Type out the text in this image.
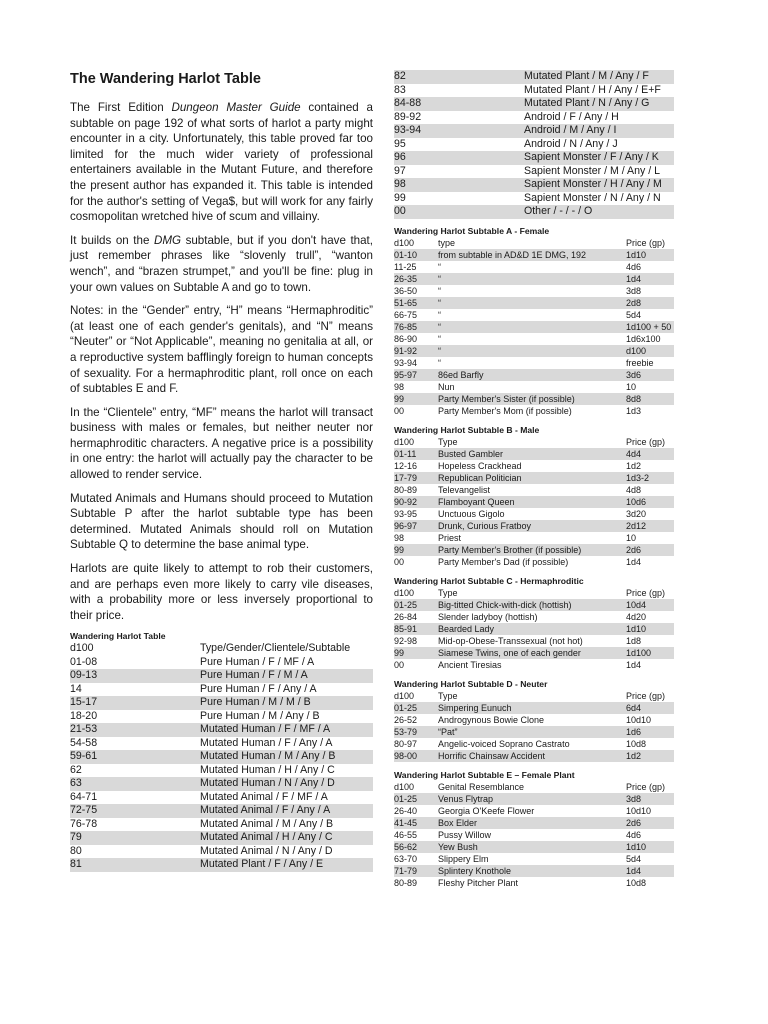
The Wandering Harlot Table

The First Edition Dungeon Master Guide contained a subtable on page 192 of what sorts of harlot a party might encounter in a city. Unfortunately, this table proved far too limited for the much wider variety of professional entertainers available in the Mutant Future, and therefore the present author has expanded it. This table is intended for the author's setting of Vega$, but will work for any fairly cosmopolitan wretched hive of scum and villainy.

It builds on the DMG subtable, but if you don't have that, just remember phrases like “slovenly trull”, “wanton wench”, and “brazen strumpet,” and you'll be fine: plug in your own values on Subtable A and go to town.

Notes: in the “Gender” entry, “H” means “Hermaphroditic” (at least one of each gender's genitals), and “N” means “Neuter” or “Not Applicable”, meaning no genitalia at all, or a reproductive system bafflingly foreign to human concepts of sexuality. For a hermaphroditic plant, roll once on each of subtables E and F.

In the “Clientele” entry, “MF” means the harlot will transact business with males or females, but neither neuter nor hermaphroditic characters. A negative price is a possibility in one entry: the harlot will actually pay the character to be allowed to render service.

Mutated Animals and Humans should proceed to Mutation Subtable P after the harlot subtable type has been determined. Mutated Animals should roll on Mutation Subtable Q to determine the base animal type.

Harlots are quite likely to attempt to rob their customers, and are perhaps even more likely to carry vile diseases, with a probability more or less inversely proportional to their price.

Wandering Harlot Table
d100	Type/Gender/Clientele/Subtable
01-08	Pure Human / F / MF / A
09-13	Pure Human / F / M / A
14	Pure Human / F / Any / A
15-17	Pure Human / M / M / B
18-20	Pure Human / M / Any / B
21-53	Mutated Human / F / MF / A
54-58	Mutated Human / F / Any / A
59-61	Mutated Human / M / Any / B
62	Mutated Human / H / Any / C
63	Mutated Human / N / Any / D
64-71	Mutated Animal / F / MF / A
72-75	Mutated Animal / F / Any / A
76-78	Mutated Animal / M / Any / B
79	Mutated Animal / H / Any / C
80	Mutated Animal / N / Any / D
81	Mutated Plant / F / Any / E
82	Mutated Plant / M / Any / F
83	Mutated Plant / H / Any / E+F
84-88	Mutated Plant / N / Any / G
89-92	Android / F / Any / H
93-94	Android / M / Any / I
95	Android / N / Any / J
96	Sapient Monster / F / Any / K
97	Sapient Monster / M / Any / L
98	Sapient Monster / H / Any / M
99	Sapient Monster / N / Any / N
00	Other / - / - / O
Wandering Harlot Subtable A - Female
d100	type	Price (gp)
01-10	from subtable in AD&D 1E DMG, 192	1d10
11-25	“	4d6
26-35	“	1d4
36-50	“	3d8
51-65	“	2d8
66-75	“	5d4
76-85	“	1d100 + 50
86-90	“	1d6x100
91-92	“	d100
93-94	“	freebie
95-97	86ed Barfly	3d6
98	Nun	10
99	Party Member's Sister (if possible)	8d8
00	Party Member's Mom (if possible)	1d3
Wandering Harlot Subtable B - Male
d100	Type	Price (gp)
01-11	Busted Gambler	4d4
12-16	Hopeless Crackhead	1d2
17-79	Republican Politician	1d3-2
80-89	Televangelist	4d8
90-92	Flamboyant Queen	10d6
93-95	Unctuous Gigolo	3d20
96-97	Drunk, Curious Fratboy	2d12
98	Priest	10
99	Party Member's Brother (if possible)	2d6
00	Party Member's Dad (if possible)	1d4
Wandering Harlot Subtable C - Hermaphroditic
d100	Type	Price (gp)
01-25	Big-titted Chick-with-dick (hottish)	10d4
26-84	Slender ladyboy (hottish)	4d20
85-91	Bearded Lady	1d10
92-98	Mid-op-Obese-Transsexual (not hot)	1d8
99	Siamese Twins, one of each gender	1d100
00	Ancient Tiresias	1d4
Wandering Harlot Subtable D - Neuter
d100	Type	Price (gp)
01-25	Simpering Eunuch	6d4
26-52	Androgynous Bowie Clone	10d10
53-79	“Pat”	1d6
80-97	Angelic-voiced Soprano Castrato	10d8
98-00	Horrific Chainsaw Accident	1d2
Wandering Harlot Subtable E – Female Plant
d100	Genital Resemblance	Price (gp)
01-25	Venus Flytrap	3d8
26-40	Georgia O'Keefe Flower	10d10
41-45	Box Elder	2d6
46-55	Pussy Willow	4d6
56-62	Yew Bush	1d10
63-70	Slippery Elm	5d4
71-79	Splintery Knothole	1d4
80-89	Fleshy Pitcher Plant	10d8
